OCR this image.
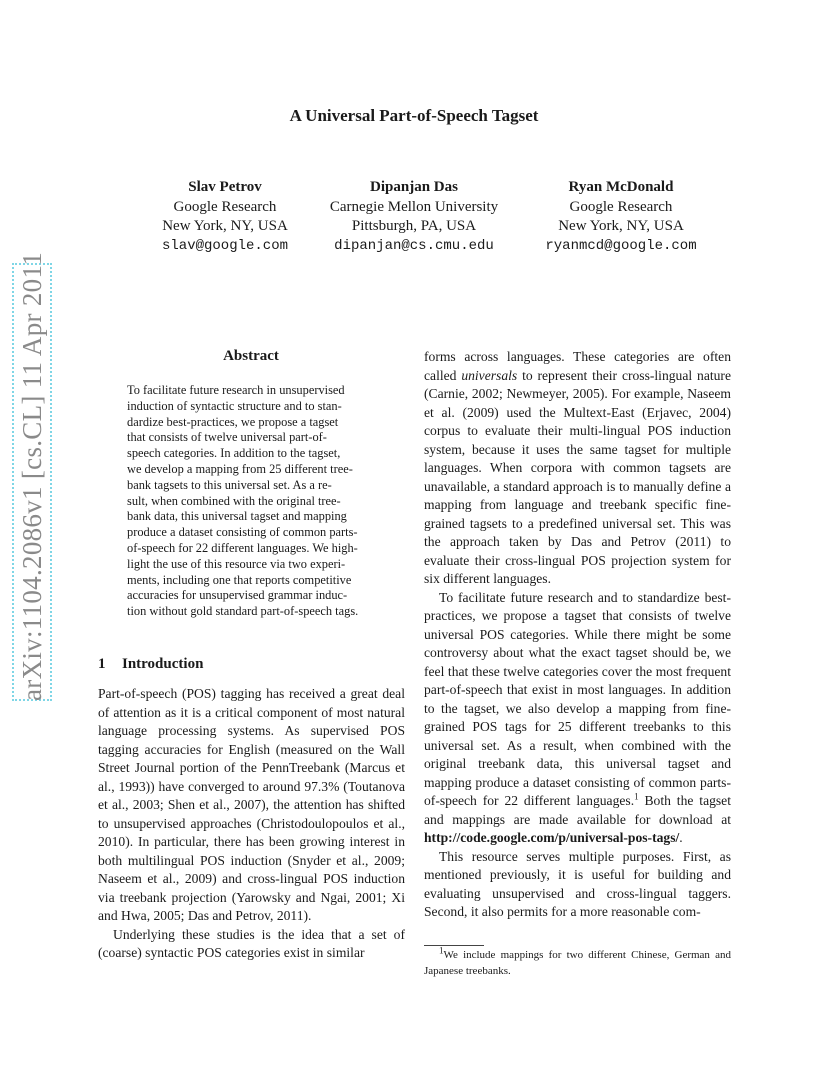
arXiv:1104.2086v1 [cs.CL] 11 Apr 2011
A Universal Part-of-Speech Tagset
Slav Petrov
Google Research
New York, NY, USA
slav@google.com
Dipanjan Das
Carnegie Mellon University
Pittsburgh, PA, USA
dipanjan@cs.cmu.edu
Ryan McDonald
Google Research
New York, NY, USA
ryanmcd@google.com
Abstract
To facilitate future research in unsupervised
induction of syntactic structure and to stan-
dardize best-practices, we propose a tagset
that consists of twelve universal part-of-
speech categories. In addition to the tagset,
we develop a mapping from 25 different tree-
bank tagsets to this universal set. As a re-
sult, when combined with the original tree-
bank data, this universal tagset and mapping
produce a dataset consisting of common parts-
of-speech for 22 different languages. We high-
light the use of this resource via two experi-
ments, including one that reports competitive
accuracies for unsupervised grammar induc-
tion without gold standard part-of-speech tags.
1 Introduction

Part-of-speech (POS) tagging has received a great deal of attention as it is a critical component of most natural language processing systems. As supervised POS tagging accuracies for English (measured on the Wall Street Journal portion of the PennTreebank (Marcus et al., 1993)) have converged to around 97.3% (Toutanova et al., 2003; Shen et al., 2007), the attention has shifted to unsupervised approaches (Christodoulopoulos et al., 2010). In particular, there has been growing interest in both multilingual POS induction (Snyder et al., 2009; Naseem et al., 2009) and cross-lingual POS induction via treebank projection (Yarowsky and Ngai, 2001; Xi and Hwa, 2005; Das and Petrov, 2011).

Underlying these studies is the idea that a set of (coarse) syntactic POS categories exist in similar

forms across languages. These categories are often called universals to represent their cross-lingual nature (Carnie, 2002; Newmeyer, 2005). For example, Naseem et al. (2009) used the Multext-East (Erjavec, 2004) corpus to evaluate their multi-lingual POS induction system, because it uses the same tagset for multiple languages. When corpora with common tagsets are unavailable, a standard approach is to manually define a mapping from language and treebank specific fine-grained tagsets to a predefined universal set. This was the approach taken by Das and Petrov (2011) to evaluate their cross-lingual POS projection system for six different languages.

To facilitate future research and to standardize best-practices, we propose a tagset that consists of twelve universal POS categories. While there might be some controversy about what the exact tagset should be, we feel that these twelve categories cover the most frequent part-of-speech that exist in most languages. In addition to the tagset, we also develop a mapping from fine-grained POS tags for 25 different treebanks to this universal set. As a result, when combined with the original treebank data, this universal tagset and mapping produce a dataset consisting of common parts-of-speech for 22 different languages.$^1$ Both the tagset and mappings are made available for download at http://code.google.com/p/universal-pos-tags/.

This resource serves multiple purposes. First, as mentioned previously, it is useful for building and evaluating unsupervised and cross-lingual taggers. Second, it also permits for a more reasonable com-

$^1$We include mappings for two different Chinese, German and Japanese treebanks.
